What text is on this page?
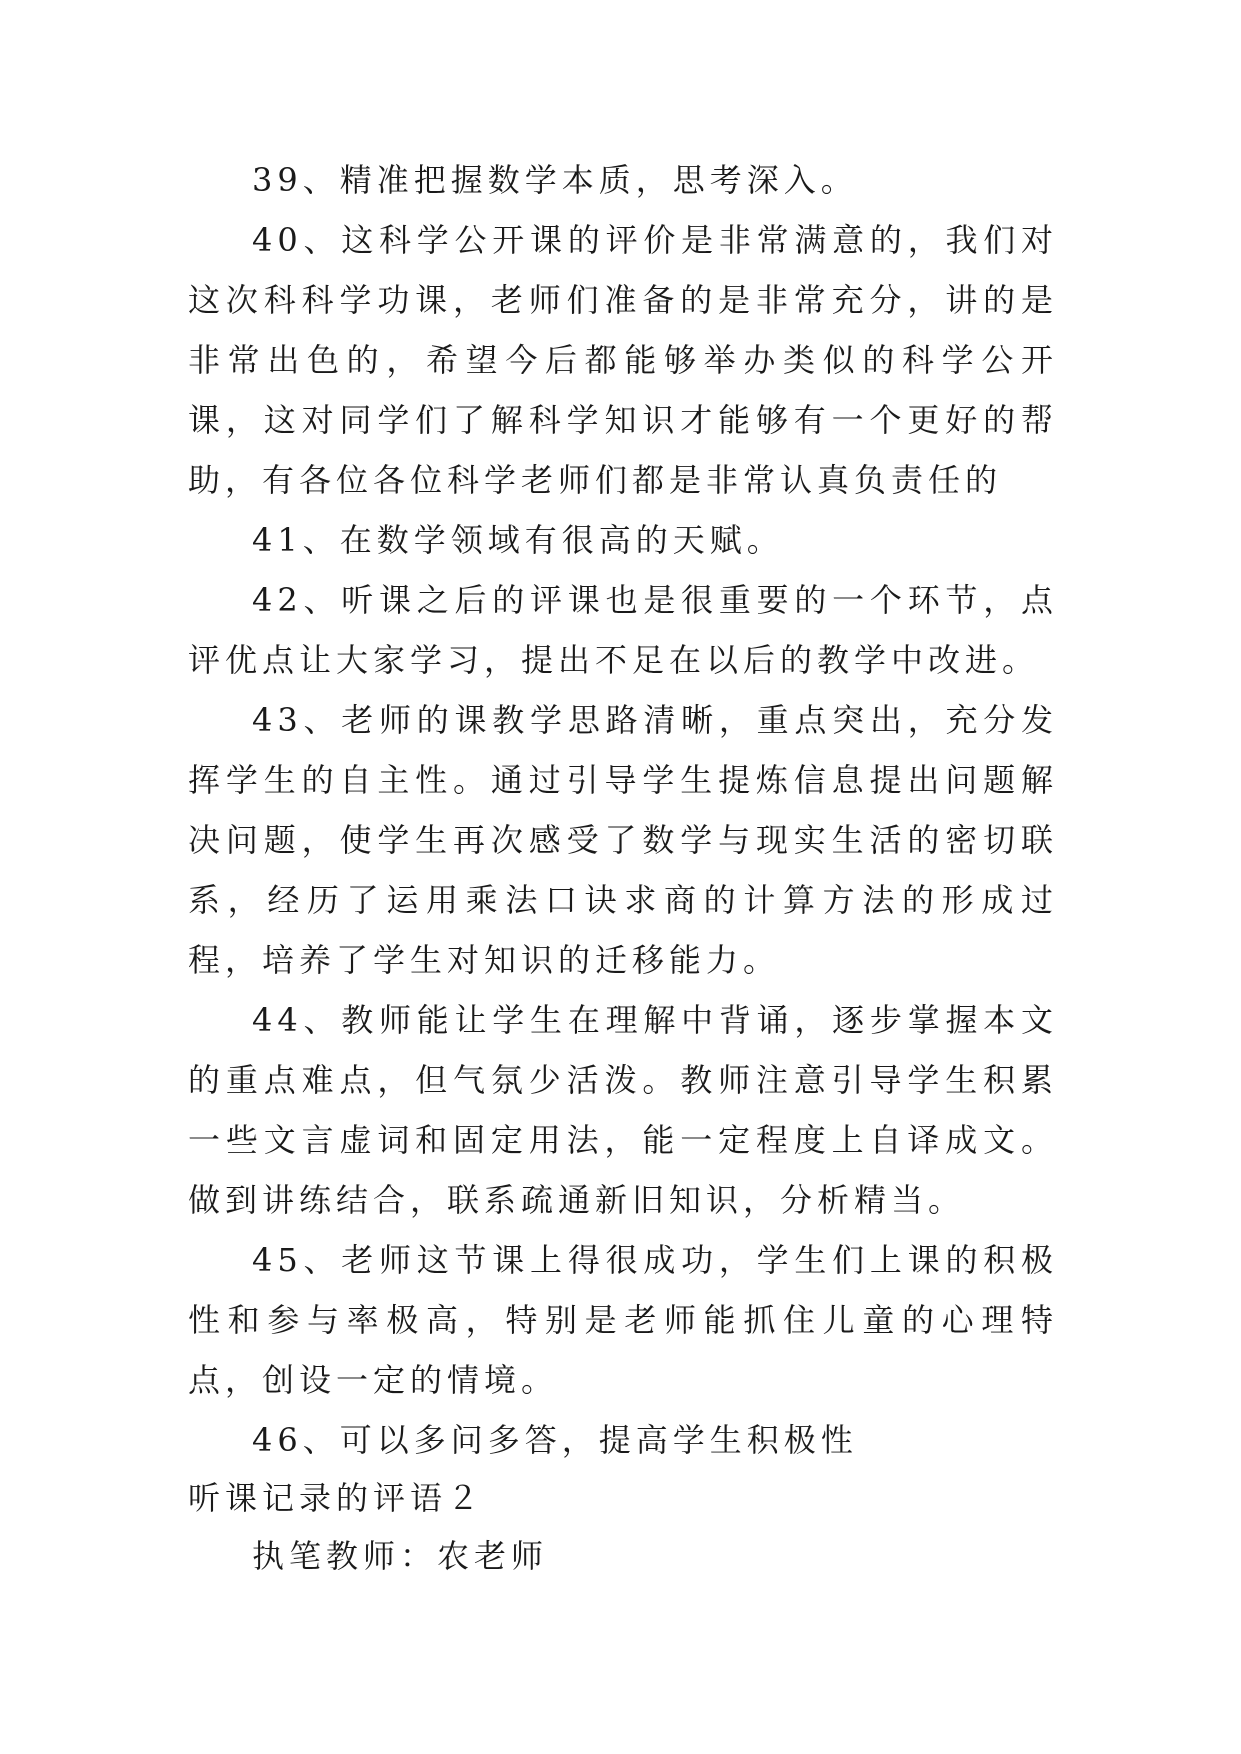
39、精准把握数学本质，思考深入。

40、这科学公开课的评价是非常满意的，我们对这次科科学功课，老师们准备的是非常充分，讲的是非常出色的，希望今后都能够举办类似的科学公开课，这对同学们了解科学知识才能够有一个更好的帮助，有各位各位科学老师们都是非常认真负责任的

41、在数学领域有很高的天赋。

42、听课之后的评课也是很重要的一个环节，点评优点让大家学习，提出不足在以后的教学中改进。

43、老师的课教学思路清晰，重点突出，充分发挥学生的自主性。通过引导学生提炼信息提出问题解决问题，使学生再次感受了数学与现实生活的密切联系，经历了运用乘法口诀求商的计算方法的形成过程，培养了学生对知识的迁移能力。

44、教师能让学生在理解中背诵，逐步掌握本文的重点难点，但气氛少活泼。教师注意引导学生积累一些文言虚词和固定用法，能一定程度上自译成文。做到讲练结合，联系疏通新旧知识，分析精当。

45、老师这节课上得很成功，学生们上课的积极性和参与率极高，特别是老师能抓住儿童的心理特点，创设一定的情境。

46、可以多问多答，提高学生积极性

听课记录的评语２

执笔教师：农老师
